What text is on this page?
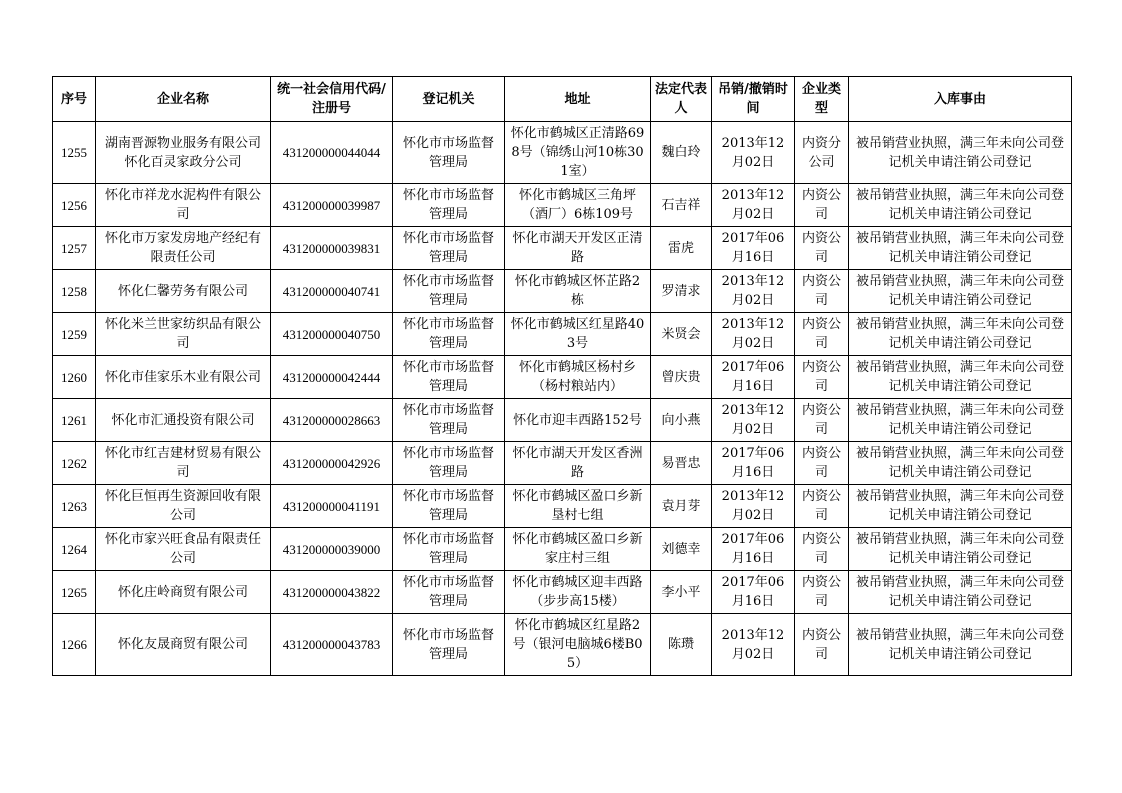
序号	企业名称	统一社会信用代码/注册号	登记机关	地址	法定代表人	吊销/撤销时间	企业类型	入库事由
1255	湖南晋源物业服务有限公司怀化百灵家政分公司	431200000044044	怀化市市场监督管理局	怀化市鹤城区正清路698号（锦绣山河10栋301室）	魏白玲	2013年12月02日	内资分公司	被吊销营业执照，满三年未向公司登记机关申请注销公司登记
1256	怀化市祥龙水泥构件有限公司	431200000039987	怀化市市场监督管理局	怀化市鹤城区三角坪（酒厂）6栋109号	石吉祥	2013年12月02日	内资公司	被吊销营业执照，满三年未向公司登记机关申请注销公司登记
1257	怀化市万家发房地产经纪有限责任公司	431200000039831	怀化市市场监督管理局	怀化市湖天开发区正清路	雷虎	2017年06月16日	内资公司	被吊销营业执照，满三年未向公司登记机关申请注销公司登记
1258	怀化仁馨劳务有限公司	431200000040741	怀化市市场监督管理局	怀化市鹤城区怀芷路2栋	罗清求	2013年12月02日	内资公司	被吊销营业执照，满三年未向公司登记机关申请注销公司登记
1259	怀化米兰世家纺织品有限公司	431200000040750	怀化市市场监督管理局	怀化市鹤城区红星路403号	米贤会	2013年12月02日	内资公司	被吊销营业执照，满三年未向公司登记机关申请注销公司登记
1260	怀化市佳家乐木业有限公司	431200000042444	怀化市市场监督管理局	怀化市鹤城区杨村乡（杨村粮站内）	曾庆贵	2017年06月16日	内资公司	被吊销营业执照，满三年未向公司登记机关申请注销公司登记
1261	怀化市汇通投资有限公司	431200000028663	怀化市市场监督管理局	怀化市迎丰西路152号	向小燕	2013年12月02日	内资公司	被吊销营业执照，满三年未向公司登记机关申请注销公司登记
1262	怀化市红吉建材贸易有限公司	431200000042926	怀化市市场监督管理局	怀化市湖天开发区香洲路	易晋忠	2017年06月16日	内资公司	被吊销营业执照，满三年未向公司登记机关申请注销公司登记
1263	怀化巨恒再生资源回收有限公司	431200000041191	怀化市市场监督管理局	怀化市鹤城区盈口乡新垦村七组	袁月芽	2013年12月02日	内资公司	被吊销营业执照，满三年未向公司登记机关申请注销公司登记
1264	怀化市家兴旺食品有限责任公司	431200000039000	怀化市市场监督管理局	怀化市鹤城区盈口乡新家庄村三组	刘德幸	2017年06月16日	内资公司	被吊销营业执照，满三年未向公司登记机关申请注销公司登记
1265	怀化庄岭商贸有限公司	431200000043822	怀化市市场监督管理局	怀化市鹤城区迎丰西路（步步高15楼）	李小平	2017年06月16日	内资公司	被吊销营业执照，满三年未向公司登记机关申请注销公司登记
1266	怀化友晟商贸有限公司	431200000043783	怀化市市场监督管理局	怀化市鹤城区红星路2号（银河电脑城6楼B05）	陈瓒	2013年12月02日	内资公司	被吊销营业执照，满三年未向公司登记机关申请注销公司登记
